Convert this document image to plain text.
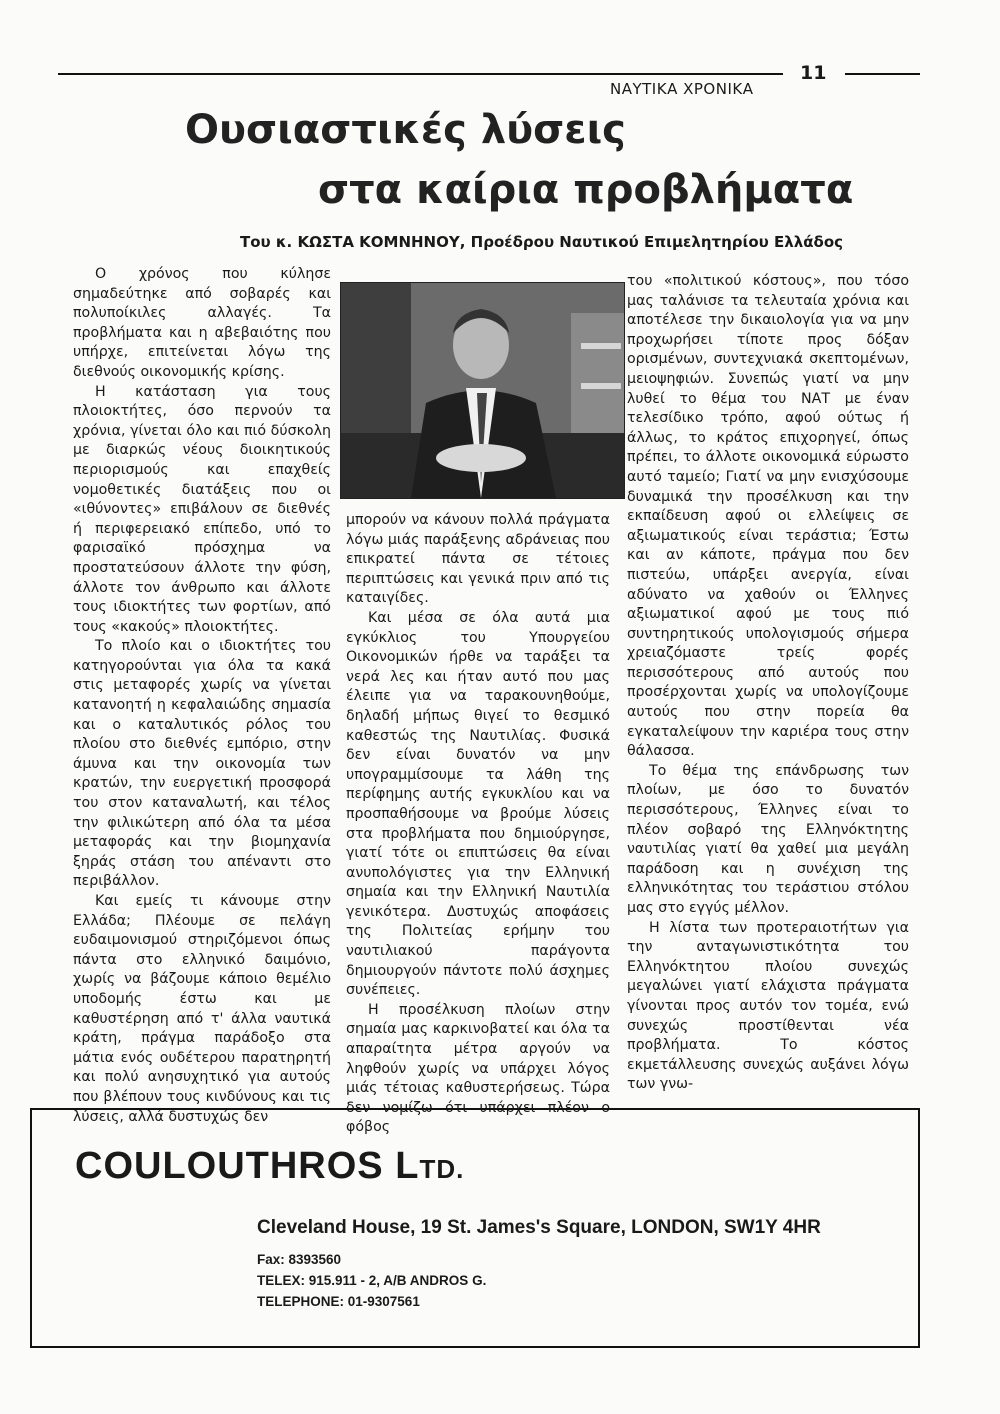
ΝΑΥΤΙΚΑ ΧΡΟΝΙΚΑ
11
Ουσιαστικές λύσεις
στα καίρια προβλήματα
Του κ. ΚΩΣΤΑ ΚΟΜΝΗΝΟΥ, Προέδρου Ναυτικού Επιμελητηρίου Ελλάδος

Ο χρόνος που κύλησε σημαδεύτηκε από σοβαρές και πολυποίκιλες αλλαγές. Τα προβλήματα και η αβεβαιότης που υπήρχε, επιτείνεται λόγω της διεθνούς οικονομικής κρίσης.

Η κατάσταση για τους πλοιοκτήτες, όσο περνούν τα χρόνια, γίνεται όλο και πιό δύσκολη με διαρκώς νέους διοικητικούς περιορισμούς και επαχθείς νομοθετικές διατάξεις που οι «ιθύνοντες» επιβάλουν σε διεθνές ή περιφερειακό επίπεδο, υπό το φαρισαϊκό πρόσχημα να προστατεύσουν άλλοτε την φύση, άλλοτε τον άνθρωπο και άλλοτε τους ιδιοκτήτες των φορτίων, από τους «κακούς» πλοιοκτήτες.

Το πλοίο και ο ιδιοκτήτες του κατηγορούνται για όλα τα κακά στις μεταφορές χωρίς να γίνεται κατανοητή η κεφαλαιώδης σημασία και ο καταλυτικός ρόλος του πλοίου στο διεθνές εμπόριο, στην άμυνα και την οικονομία των κρατών, την ευεργετική προσφορά του στον καταναλωτή, και τέλος την φιλικώτερη από όλα τα μέσα μεταφοράς και την βιομηχανία ξηράς στάση του απέναντι στο περιβάλλον.

Και εμείς τι κάνουμε στην Ελλάδα; Πλέουμε σε πελάγη ευδαιμονισμού στηριζόμενοι όπως πάντα στο ελληνικό δαιμόνιο, χωρίς να βάζουμε κάποιο θεμέλιο υποδομής έστω και με καθυστέρηση από τ' άλλα ναυτικά κράτη, πράγμα παράδοξο στα μάτια ενός ουδέτερου παρατηρητή και πολύ ανησυχητικό για αυτούς που βλέπουν τους κινδύνους και τις λύσεις, αλλά δυστυχώς δεν

μπορούν να κάνουν πολλά πράγματα λόγω μιάς παράξενης αδράνειας που επικρατεί πάντα σε τέτοιες περιπτώσεις και γενικά πριν από τις καταιγίδες.

Και μέσα σε όλα αυτά μια εγκύκλιος του Υπουργείου Οικονομικών ήρθε να ταράξει τα νερά λες και ήταν αυτό που μας έλειπε για να ταρακουνηθούμε, δηλαδή μήπως θιγεί το θεσμικό καθεστώς της Ναυτιλίας. Φυσικά δεν είναι δυνατόν να μην υπογραμμίσουμε τα λάθη της περίφημης αυτής εγκυκλίου και να προσπαθήσουμε να βρούμε λύσεις στα προβλήματα που δημιούργησε, γιατί τότε οι επιπτώσεις θα είναι ανυπολόγιστες για την Ελληνική σημαία και την Ελληνική Ναυτιλία γενικότερα. Δυστυχώς αποφάσεις της Πολιτείας ερήμην του ναυτιλιακού παράγοντα δημιουργούν πάντοτε πολύ άσχημες συνέπειες.

Η προσέλκυση πλοίων στην σημαία μας καρκινοβατεί και όλα τα απαραίτητα μέτρα αργούν να ληφθούν χωρίς να υπάρχει λόγος μιάς τέτοιας καθυστερήσεως. Τώρα δεν νομίζω ότι υπάρχει πλέον ο φόβος

του «πολιτικού κόστους», που τόσο μας ταλάνισε τα τελευταία χρόνια και αποτέλεσε την δικαιολογία για να μην προχωρήσει τίποτε προς δόξαν ορισμένων, συντεχνιακά σκεπτομένων, μειοψηφιών. Συνεπώς γιατί να μην λυθεί το θέμα του ΝΑΤ με έναν τελεσίδικο τρόπο, αφού ούτως ή άλλως, το κράτος επιχορηγεί, όπως πρέπει, το άλλοτε οικονομικά εύρωστο αυτό ταμείο; Γιατί να μην ενισχύσουμε δυναμικά την προσέλκυση και την εκπαίδευση αφού οι ελλείψεις σε αξιωματικούς είναι τεράστια; Έστω και αν κάποτε, πράγμα που δεν πιστεύω, υπάρξει ανεργία, είναι αδύνατο να χαθούν οι Έλληνες αξιωματικοί αφού με τους πιό συντηρητικούς υπολογισμούς σήμερα χρειαζόμαστε τρείς φορές περισσότερους από αυτούς που προσέρχονται χωρίς να υπολογίζουμε αυτούς που στην πορεία θα εγκαταλείψουν την καριέρα τους στην θάλασσα.

Το θέμα της επάνδρωσης των πλοίων, με όσο το δυνατόν περισσότερους, Έλληνες είναι το πλέον σοβαρό της Ελληνόκτητης ναυτιλίας γιατί θα χαθεί μια μεγάλη παράδοση και η συνέχιση της ελληνικότητας του τεράστιου στόλου μας στο εγγύς μέλλον.

Η λίστα των προτεραιοτήτων για την ανταγωνιστικότητα του Ελληνόκτητου πλοίου συνεχώς μεγαλώνει γιατί ελάχιστα πράγματα γίνονται προς αυτόν τον τομέα, ενώ συνεχώς προστίθενται νέα προβλήματα. Το κόστος εκμετάλλευσης συνεχώς αυξάνει λόγω των γνω-

COULOUTHROS LTD.
Cleveland House, 19 St. James's Square, LONDON, SW1Y 4HR
Fax: 8393560
TELEX: 915.911 - 2, A/B ANDROS G.
TELEPHONE: 01-9307561
